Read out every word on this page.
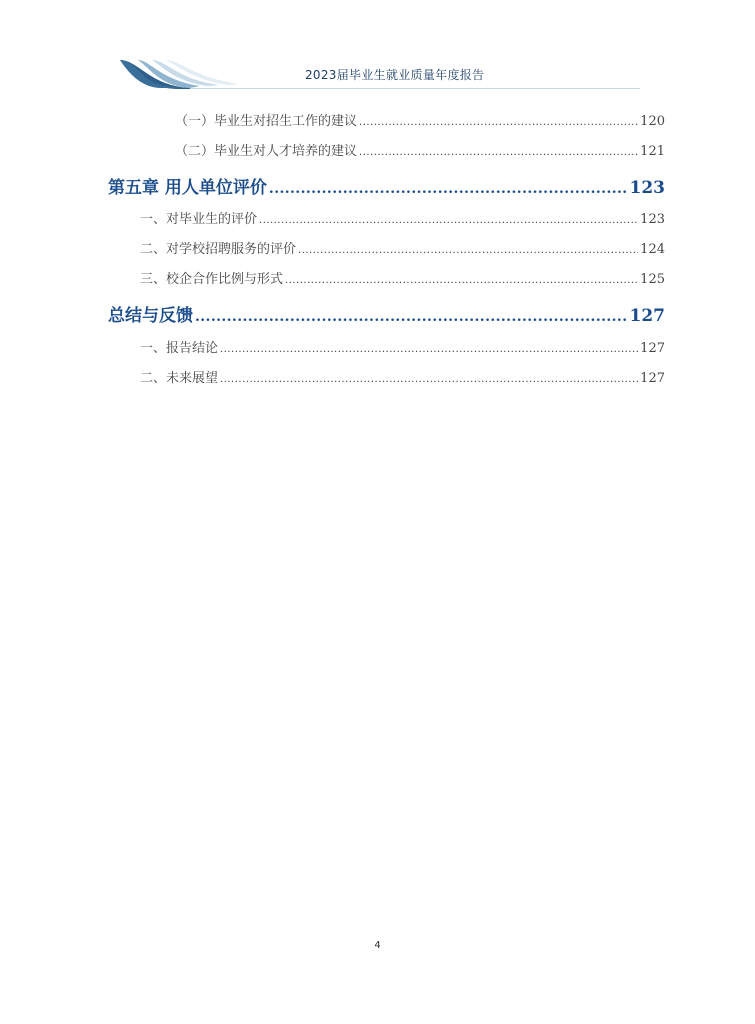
2023届毕业生就业质量年度报告
（一）毕业生对招生工作的建议 .....	120
（二）毕业生对人才培养的建议 .....	121
第五章 用人单位评价 .....	123
一、对毕业生的评价 .....	123
二、对学校招聘服务的评价 .....	124
三、校企合作比例与形式 .....	125
总结与反馈 .....	127
一、报告结论 .....	127
二、未来展望 .....	127
4
